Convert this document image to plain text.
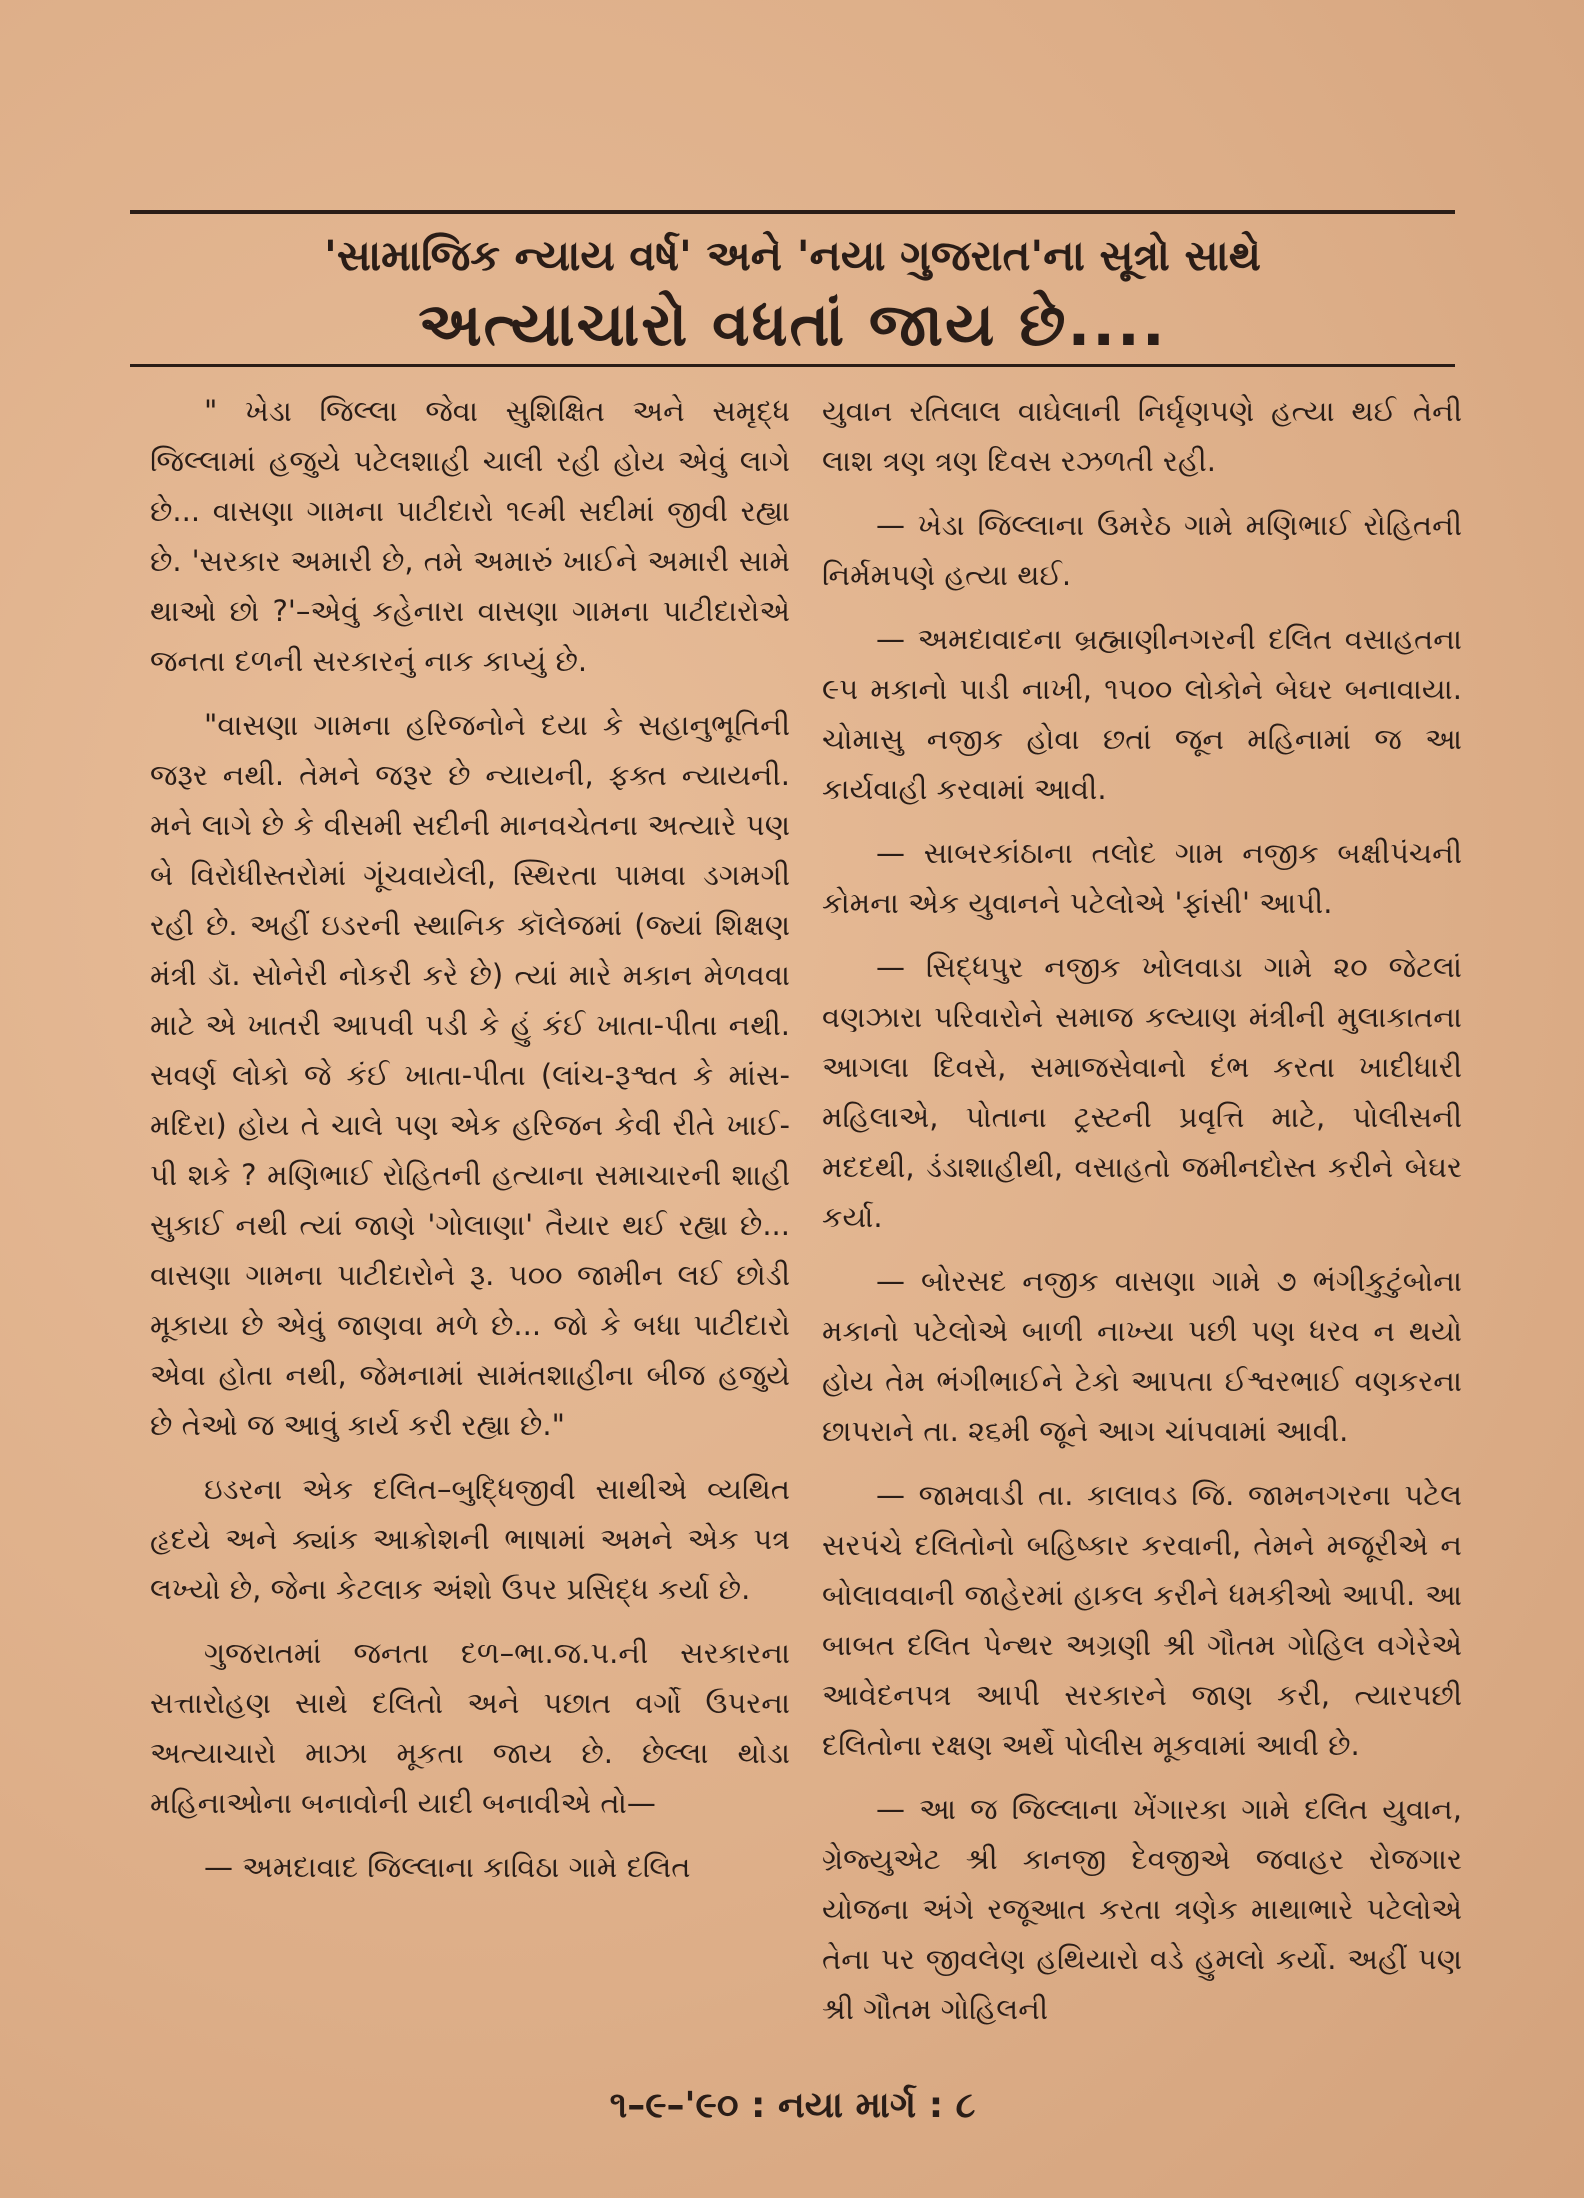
'સામાજિક ન્યાય વર્ષ' અને 'નયા ગુજરાત'ના સૂત્રો સાથે
અત્યાચારો વધતાં જાય છે....

" ખેડા જિલ્લા જેવા સુશિક્ષિત અને સમૃદ્ધ જિલ્લામાં હજુયે પટેલશાહી ચાલી રહી હોય એવું લાગે છે... વાસણા ગામના પાટીદારો ૧૯મી સદીમાં જીવી રહ્યા છે. 'સરકાર અમારી છે, તમે અમારું ખાઈને અમારી સામે થાઓ છો ?'–એવું કહેનારા વાસણા ગામના પાટીદારોએ જનતા દળની સરકારનું નાક કાપ્યું છે.

"વાસણા ગામના હરિજનોને દયા કે સહાનુભૂતિની જરૂર નથી. તેમને જરૂર છે ન્યાયની, ફક્ત ન્યાયની. મને લાગે છે કે વીસમી સદીની માનવચેતના અત્યારે પણ બે વિરોધીસ્તરોમાં ગૂંચવાયેલી, સ્થિરતા પામવા ડગમગી રહી છે. અહીં ઇડરની સ્થાનિક કૉલેજમાં (જ્યાં શિક્ષણ મંત્રી ડૉ. સોનેરી નોકરી કરે છે) ત્યાં મારે મકાન મેળવવા માટે એ ખાતરી આપવી પડી કે હું કંઈ ખાતા-પીતા નથી. સવર્ણ લોકો જે કંઈ ખાતા-પીતા (લાંચ-રૂશ્વત કે માંસ-મદિરા) હોય તે ચાલે પણ એક હરિજન કેવી રીતે ખાઈ-પી શકે ? મણિભાઈ રોહિતની હત્યાના સમાચારની શાહી સુકાઈ નથી ત્યાં જાણે 'ગોલાણા' તૈયાર થઈ રહ્યા છે... વાસણા ગામના પાટીદારોને રૂ. ૫૦૦ જામીન લઈ છોડી મૂકાયા છે એવું જાણવા મળે છે... જો કે બધા પાટીદારો એવા હોતા નથી, જેમનામાં સામંતશાહીના બીજ હજુયે છે તેઓ જ આવું કાર્ય કરી રહ્યા છે."

ઇડરના એક દલિત–બુદ્ધિજીવી સાથીએ વ્યથિત હૃદયે અને ક્યાંક આક્રોશની ભાષામાં અમને એક પત્ર લખ્યો છે, જેના કેટલાક અંશો ઉપર પ્રસિદ્ધ કર્યા છે.

ગુજરાતમાં જનતા દળ–ભા.જ.પ.ની સરકારના સત્તારોહણ સાથે દલિતો અને પછાત વર્ગો ઉપરના અત્યાચારો માઝા મૂકતા જાય છે. છેલ્લા થોડા મહિનાઓના બનાવોની યાદી બનાવીએ તો—

— અમદાવાદ જિલ્લાના કાવિઠા ગામે દલિત

યુવાન રતિલાલ વાઘેલાની નિર્ઘૃણપણે હત્યા થઈ તેની લાશ ત્રણ ત્રણ દિવસ રઝળતી રહી.

— ખેડા જિલ્લાના ઉમરેઠ ગામે મણિભાઈ રોહિતની નિર્મમપણે હત્યા થઈ.

— અમદાવાદના બ્રહ્માણીનગરની દલિત વસાહતના ૯૫ મકાનો પાડી નાખી, ૧૫૦૦ લોકોને બેઘર બનાવાયા. ચોમાસુ નજીક હોવા છતાં જૂન મહિનામાં જ આ કાર્યવાહી કરવામાં આવી.

— સાબરકાંઠાના તલોદ ગામ નજીક બક્ષીપંચની કોમના એક યુવાનને પટેલોએ 'ફાંસી' આપી.

— સિદ્ધપુર નજીક ખોલવાડા ગામે ૨૦ જેટલાં વણઝારા પરિવારોને સમાજ કલ્યાણ મંત્રીની મુલાકાતના આગલા દિવસે, સમાજસેવાનો દંભ કરતા ખાદીધારી મહિલાએ, પોતાના ટ્રસ્ટની પ્રવૃત્તિ માટે, પોલીસની મદદથી, ડંડાશાહીથી, વસાહતો જમીનદોસ્ત કરીને બેઘર કર્યા.

— બોરસદ નજીક વાસણા ગામે ૭ ભંગીકુટુંબોના મકાનો પટેલોએ બાળી નાખ્યા પછી પણ ધરવ ન થયો હોય તેમ ભંગીભાઈને ટેકો આપતા ઈશ્વરભાઈ વણકરના છાપરાને તા. ૨૬મી જૂને આગ ચાંપવામાં આવી.

— જામવાડી તા. કાલાવડ જિ. જામનગરના પટેલ સરપંચે દલિતોનો બહિષ્કાર કરવાની, તેમને મજૂરીએ ન બોલાવવાની જાહેરમાં હાકલ કરીને ધમકીઓ આપી. આ બાબત દલિત પેન્થર અગ્રણી શ્રી ગૌતમ ગોહિલ વગેરેએ આવેદનપત્ર આપી સરકારને જાણ કરી, ત્યારપછી દલિતોના રક્ષણ અર્થે પોલીસ મૂકવામાં આવી છે.

— આ જ જિલ્લાના ખેંગારકા ગામે દલિત યુવાન, ગ્રેજ્યુએટ શ્રી કાનજી દેવજીએ જવાહર રોજગાર યોજના અંગે રજૂઆત કરતા ત્રણેક માથાભારે પટેલોએ તેના પર જીવલેણ હથિયારો વડે હુમલો કર્યો. અહીં પણ શ્રી ગૌતમ ગોહિલની

૧–૯–'૯૦ : નયા માર્ગ : ૮
